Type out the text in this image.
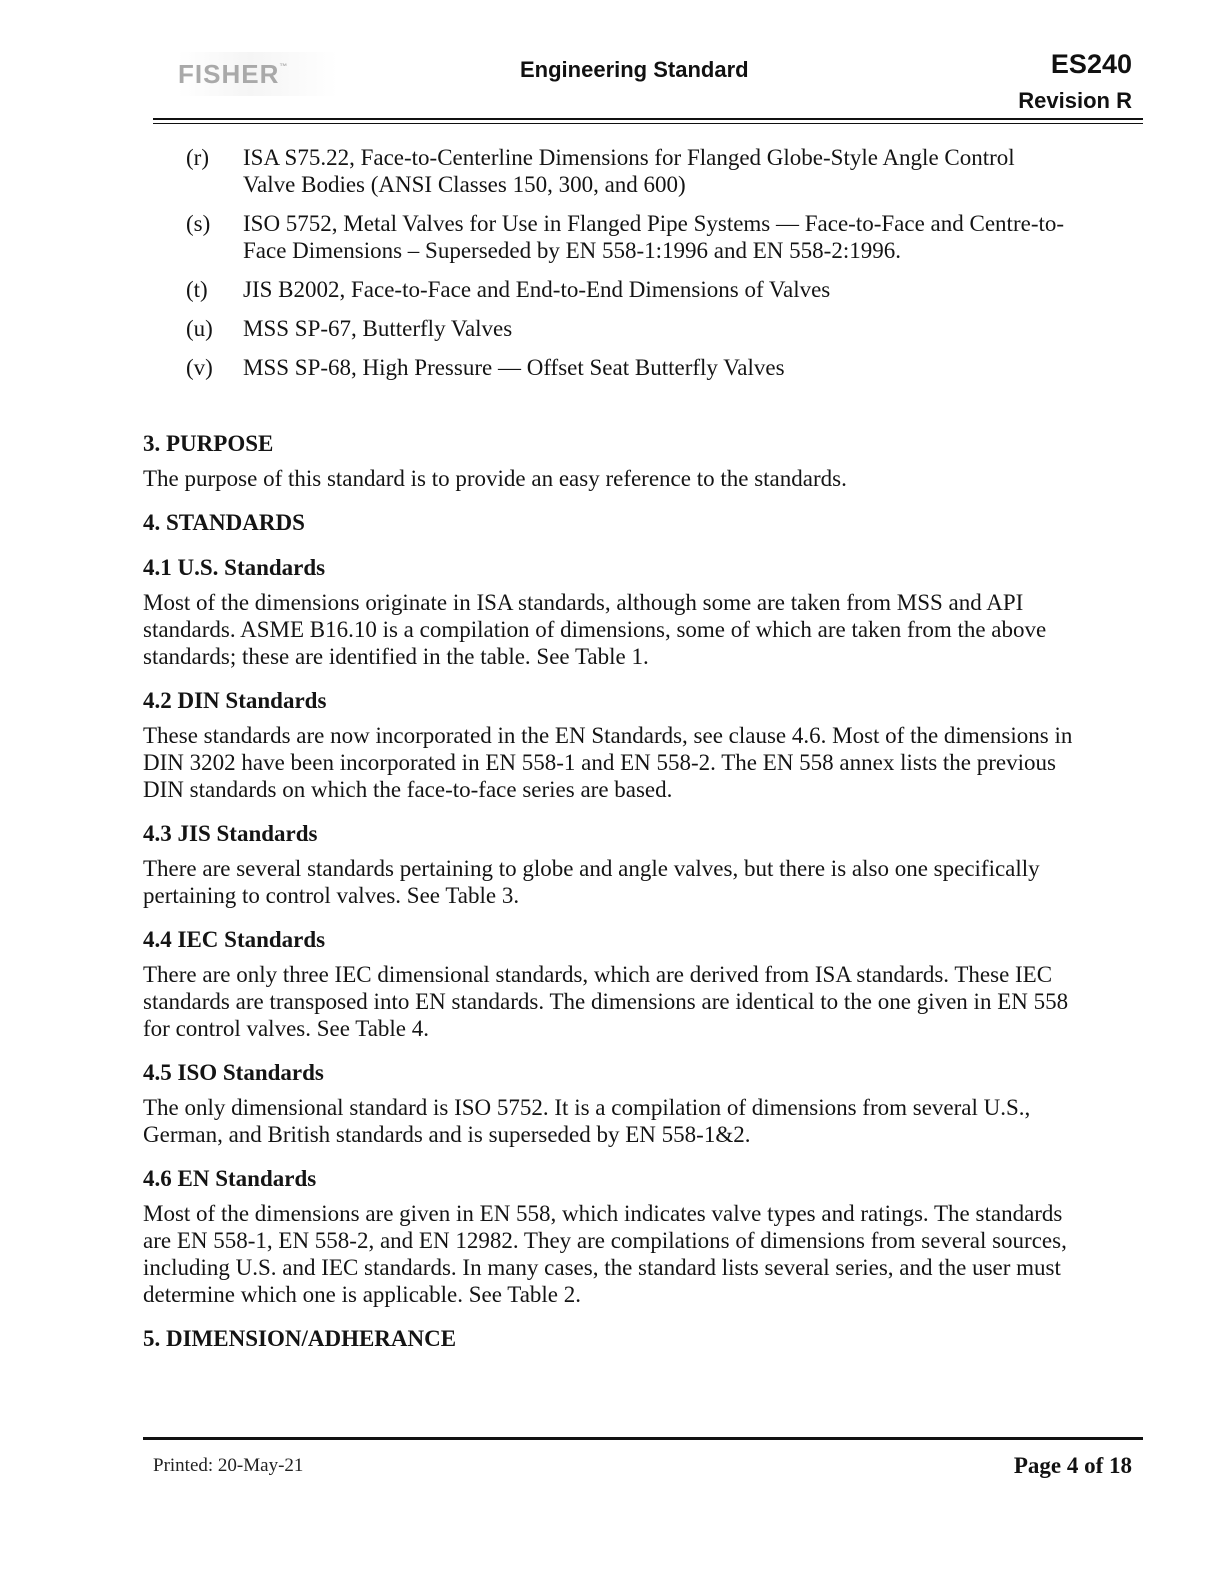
FISHER ™	Engineering Standard	ES240
Revision R
(r)	ISA S75.22, Face-to-Centerline Dimensions for Flanged Globe-Style Angle Control Valve Bodies (ANSI Classes 150, 300, and 600)
(s)	ISO 5752, Metal Valves for Use in Flanged Pipe Systems — Face-to-Face and Centre-to-Face Dimensions – Superseded by EN 558-1:1996 and EN 558-2:1996.
(t)	JIS B2002, Face-to-Face and End-to-End Dimensions of Valves
(u)	MSS SP-67, Butterfly Valves
(v)	MSS SP-68, High Pressure — Offset Seat Butterfly Valves
3. PURPOSE

The purpose of this standard is to provide an easy reference to the standards.

4. STANDARDS
4.1 U.S. Standards

Most of the dimensions originate in ISA standards, although some are taken from MSS and API standards. ASME B16.10 is a compilation of dimensions, some of which are taken from the above standards; these are identified in the table. See Table 1.

4.2 DIN Standards

These standards are now incorporated in the EN Standards, see clause 4.6. Most of the dimensions in DIN 3202 have been incorporated in EN 558-1 and EN 558-2. The EN 558 annex lists the previous DIN standards on which the face-to-face series are based.

4.3 JIS Standards

There are several standards pertaining to globe and angle valves, but there is also one specifically pertaining to control valves. See Table 3.

4.4 IEC Standards

There are only three IEC dimensional standards, which are derived from ISA standards. These IEC standards are transposed into EN standards. The dimensions are identical to the one given in EN 558 for control valves. See Table 4.

4.5 ISO Standards

The only dimensional standard is ISO 5752. It is a compilation of dimensions from several U.S., German, and British standards and is superseded by EN 558-1&2.

4.6 EN Standards

Most of the dimensions are given in EN 558, which indicates valve types and ratings. The standards are EN 558-1, EN 558-2, and EN 12982. They are compilations of dimensions from several sources, including U.S. and IEC standards. In many cases, the standard lists several series, and the user must determine which one is applicable. See Table 2.

5. DIMENSION/ADHERANCE
Printed: 20-May-21	Page 4 of 18
